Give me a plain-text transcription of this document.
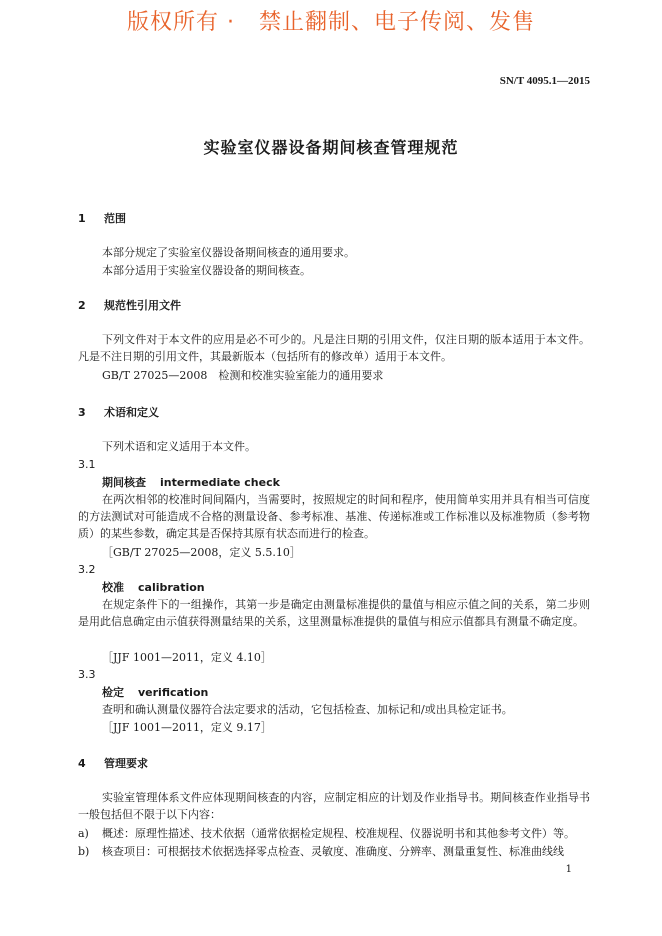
版权所有 ·   禁止翻制、电子传阅、发售
SN/T 4095.1—2015
实验室仪器设备期间核查管理规范
1 范围
本部分规定了实验室仪器设备期间核查的通用要求。
本部分适用于实验室仪器设备的期间核查。
2 规范性引用文件
下列文件对于本文件的应用是必不可少的。凡是注日期的引用文件，仅注日期的版本适用于本文件。凡是不注日期的引用文件，其最新版本（包括所有的修改单）适用于本文件。
GB/T 27025—2008　检测和校准实验室能力的通用要求
3 术语和定义
下列术语和定义适用于本文件。
3.1
期间核查 intermediate check
在两次相邻的校准时间间隔内，当需要时，按照规定的时间和程序，使用简单实用并具有相当可信度的方法测试对可能造成不合格的测量设备、参考标准、基准、传递标准或工作标准以及标准物质（参考物质）的某些参数，确定其是否保持其原有状态而进行的检查。
［GB/T 27025—2008，定义 5.5.10］
3.2
校准 calibration
在规定条件下的一组操作，其第一步是确定由测量标准提供的量值与相应示值之间的关系，第二步则是用此信息确定由示值获得测量结果的关系，这里测量标准提供的量值与相应示值都具有测量不确定度。
［JJF 1001—2011，定义 4.10］
3.3
检定 verification
查明和确认测量仪器符合法定要求的活动，它包括检查、加标记和/或出具检定证书。
［JJF 1001—2011，定义 9.17］
4 管理要求
实验室管理体系文件应体现期间核查的内容，应制定相应的计划及作业指导书。期间核查作业指导书一般包括但不限于以下内容：
a) 概述：原理性描述、技术依据（通常依据检定规程、校准规程、仪器说明书和其他参考文件）等。
b) 核查项目：可根据技术依据选择零点检查、灵敏度、准确度、分辨率、测量重复性、标准曲线线
1
